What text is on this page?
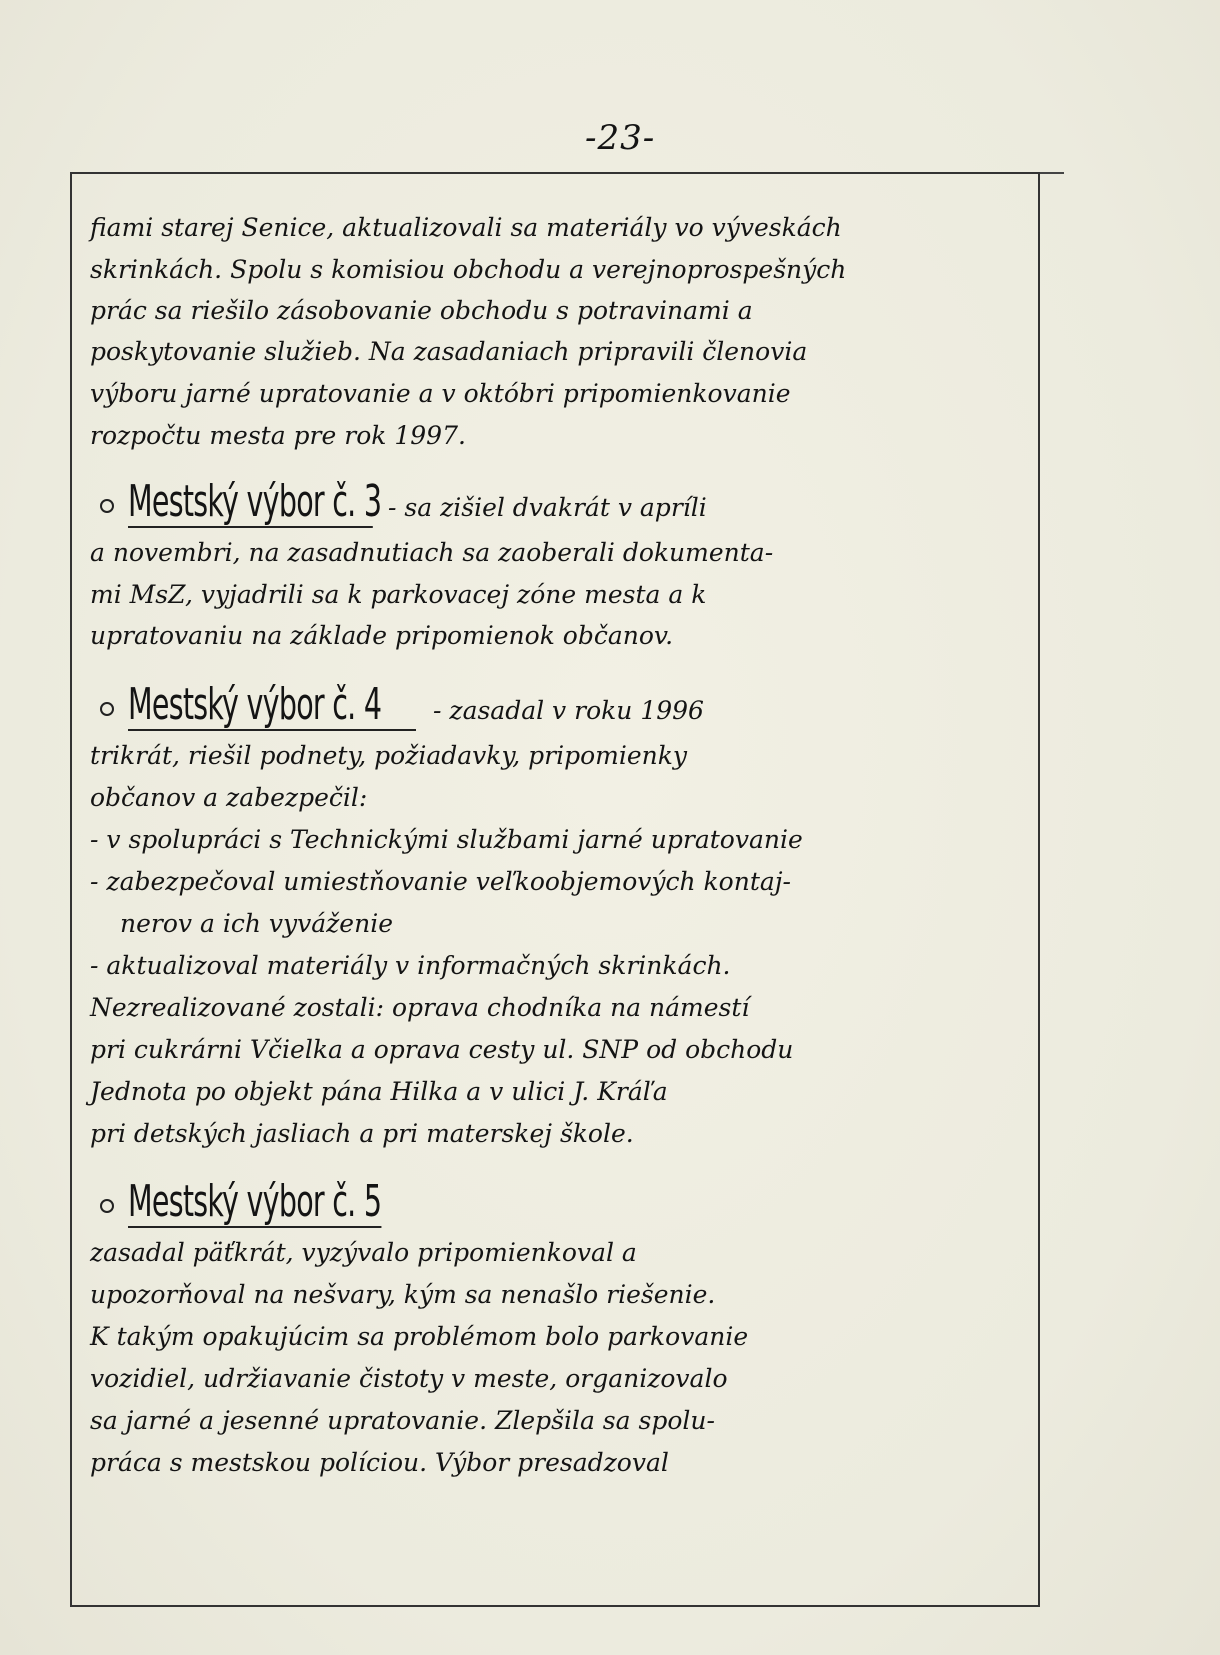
-23-
fiami starej Senice, aktualizovali sa materiály vo výveskách
skrinkách. Spolu s komisiou obchodu a verejnoprospešných
prác sa riešilo zásobovanie obchodu s potravinami a
poskytovanie služieb. Na zasadaniach pripravili členovia
výboru jarné upratovanie a v októbri pripomienkovanie
rozpočtu mesta pre rok 1997.
Mestský výbor č. 3 - sa zišiel dvakrát v apríli
a novembri, na zasadnutiach sa zaoberali dokumenta-
mi MsZ, vyjadrili sa k parkovacej zóne mesta a k
upratovaniu na základe pripomienok občanov.
Mestský výbor č. 4 - zasadal v roku 1996
trikrát, riešil podnety, požiadavky, pripomienky
občanov a zabezpečil:
- v spolupráci s Technickými službami jarné upratovanie
- zabezpečoval umiestňovanie veľkoobjemových kontaj-
nerov a ich vyváženie
- aktualizoval materiály v informačných skrinkách.
Nezrealizované zostali: oprava chodníka na námestí
pri cukrárni Včielka a oprava cesty ul. SNP od obchodu
Jednota po objekt pána Hilka a v ulici J. Kráľa
pri detských jasliach a pri materskej škole.
Mestský výbor č. 5
zasadal päťkrát, vyzývalo pripomienkoval a
upozorňoval na nešvary, kým sa nenašlo riešenie.
K takým opakujúcim sa problémom bolo parkovanie
vozidiel, udržiavanie čistoty v meste, organizovalo
sa jarné a jesenné upratovanie. Zlepšila sa spolu-
práca s mestskou políciou. Výbor presadzoval
